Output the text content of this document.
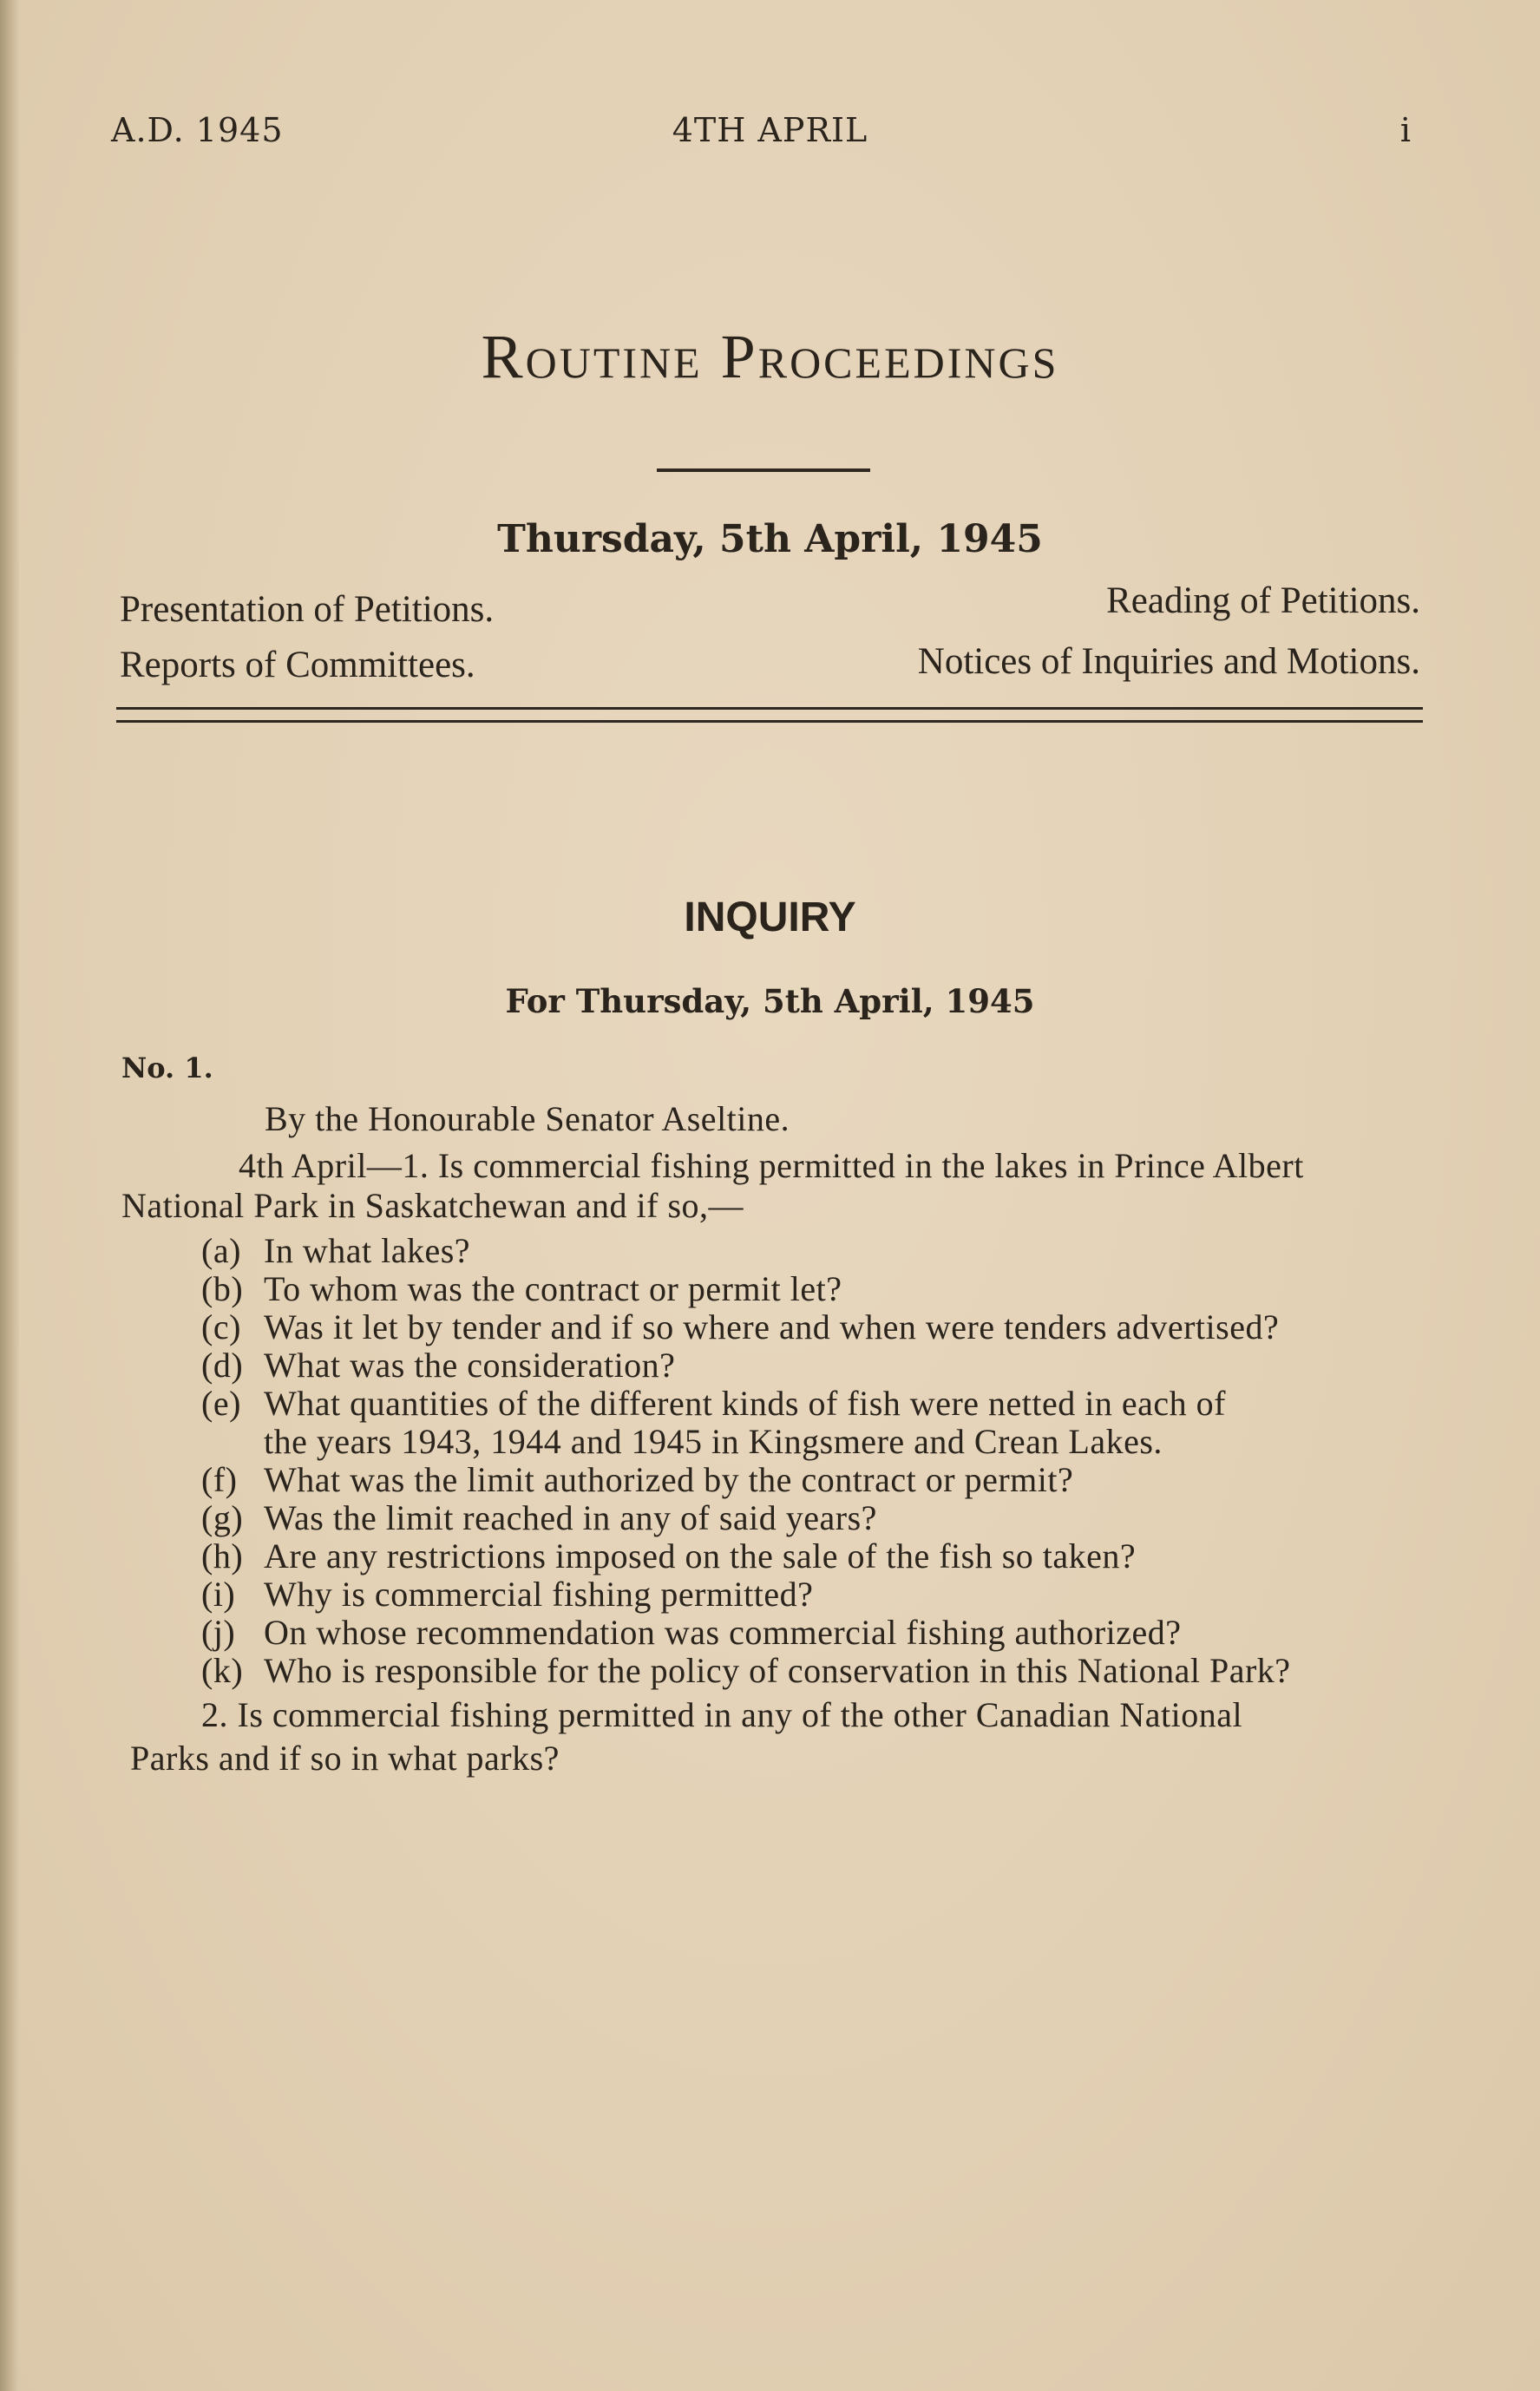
A.D. 1945	4TH APRIL	i
Routine Proceedings
Thursday, 5th April, 1945
Presentation of Petitions.	Reading of Petitions.
Reports of Committees.	Notices of Inquiries and Motions.
INQUIRY
For Thursday, 5th April, 1945
No. 1.
By the Honourable Senator Aseltine.
4th April—1. Is commercial fishing permitted in the lakes in Prince Albert
National Park in Saskatchewan and if so,—
(a) In what lakes?
(b) To whom was the contract or permit let?
(c) Was it let by tender and if so where and when were tenders advertised?
(d) What was the consideration?
(e) What quantities of the different kinds of fish were netted in each of
the years 1943, 1944 and 1945 in Kingsmere and Crean Lakes.
(f) What was the limit authorized by the contract or permit?
(g) Was the limit reached in any of said years?
(h) Are any restrictions imposed on the sale of the fish so taken?
(i) Why is commercial fishing permitted?
(j) On whose recommendation was commercial fishing authorized?
(k) Who is responsible for the policy of conservation in this National Park?
2. Is commercial fishing permitted in any of the other Canadian National
Parks and if so in what parks?
